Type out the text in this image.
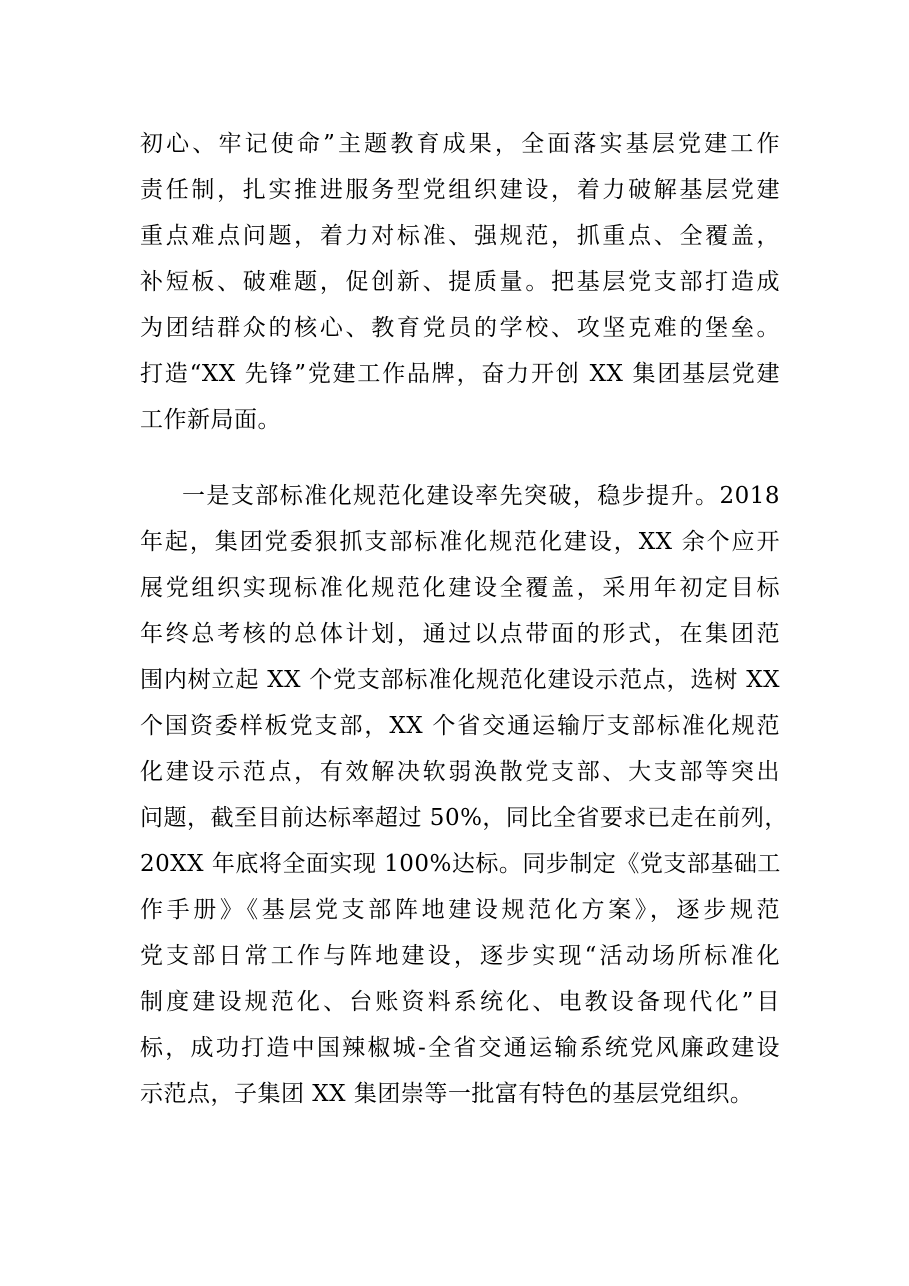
初心、牢记使命”主题教育成果，全面落实基层党建工作
责任制，扎实推进服务型党组织建设，着力破解基层党建
重点难点问题，着力对标准、强规范，抓重点、全覆盖，
补短板、破难题，促创新、提质量。把基层党支部打造成
为团结群众的核心、教育党员的学校、攻坚克难的堡垒。
打造“XX 先锋”党建工作品牌，奋力开创 XX 集团基层党建
工作新局面。
一是支部标准化规范化建设率先突破，稳步提升。2018
年起，集团党委狠抓支部标准化规范化建设，XX 余个应开
展党组织实现标准化规范化建设全覆盖，采用年初定目标
年终总考核的总体计划，通过以点带面的形式，在集团范
围内树立起 XX 个党支部标准化规范化建设示范点，选树 XX
个国资委样板党支部，XX 个省交通运输厅支部标准化规范
化建设示范点，有效解决软弱涣散党支部、大支部等突出
问题，截至目前达标率超过 50%，同比全省要求已走在前列，
20XX 年底将全面实现 100%达标。同步制定《党支部基础工
作手册》《基层党支部阵地建设规范化方案》，逐步规范
党支部日常工作与阵地建设，逐步实现“活动场所标准化
制度建设规范化、台账资料系统化、电教设备现代化”目
标，成功打造中国辣椒城-全省交通运输系统党风廉政建设
示范点，子集团 XX 集团崇等一批富有特色的基层党组织。
